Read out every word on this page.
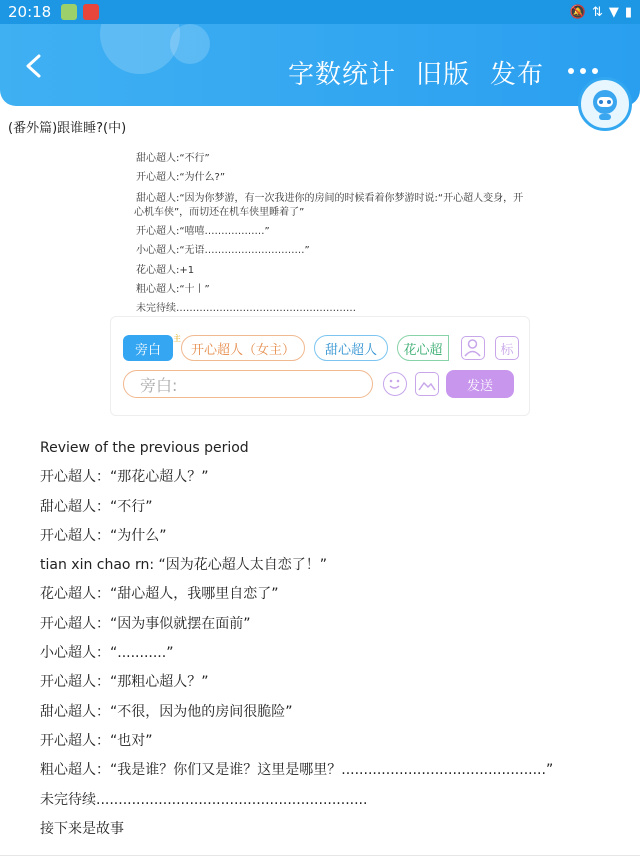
20:18	🔕 ⇅ ▼ ▮
字数统计 旧版 发布
(番外篇)跟谁睡?(中)
甜心超人:“不行”
开心超人:“为什么?”
甜心超人:“因为你梦游，有一次我进你的房间的时候看着你梦游时说:“开心超人变身，开
心机车侠”，而切还在机车侠里睡着了”
开心超人:“嘻嘻………………”
小心超人:“无语…………………………”
花心超人:+1
粗心超人:“十丨”
未完待续………………………………………………
旁白
主
开心超人（女主）	甜心超人	花心超	标
旁白:	发送

Review of the previous period

开心超人：“那花心超人？”

甜心超人：“不行”

开心超人：“为什么”

tian xin chao rn: “因为花心超人太自恋了！”

花心超人：“甜心超人，我哪里自恋了”

开心超人：“因为事似就摆在面前”

小心超人：“...........”

开心超人：“那粗心超人？”

甜心超人：“不很，因为他的房间很脆险”

开心超人：“也对”

粗心超人：“我是谁？你们又是谁？这里是哪里？..............................................”

未完待续.............................................................

接下来是故事
